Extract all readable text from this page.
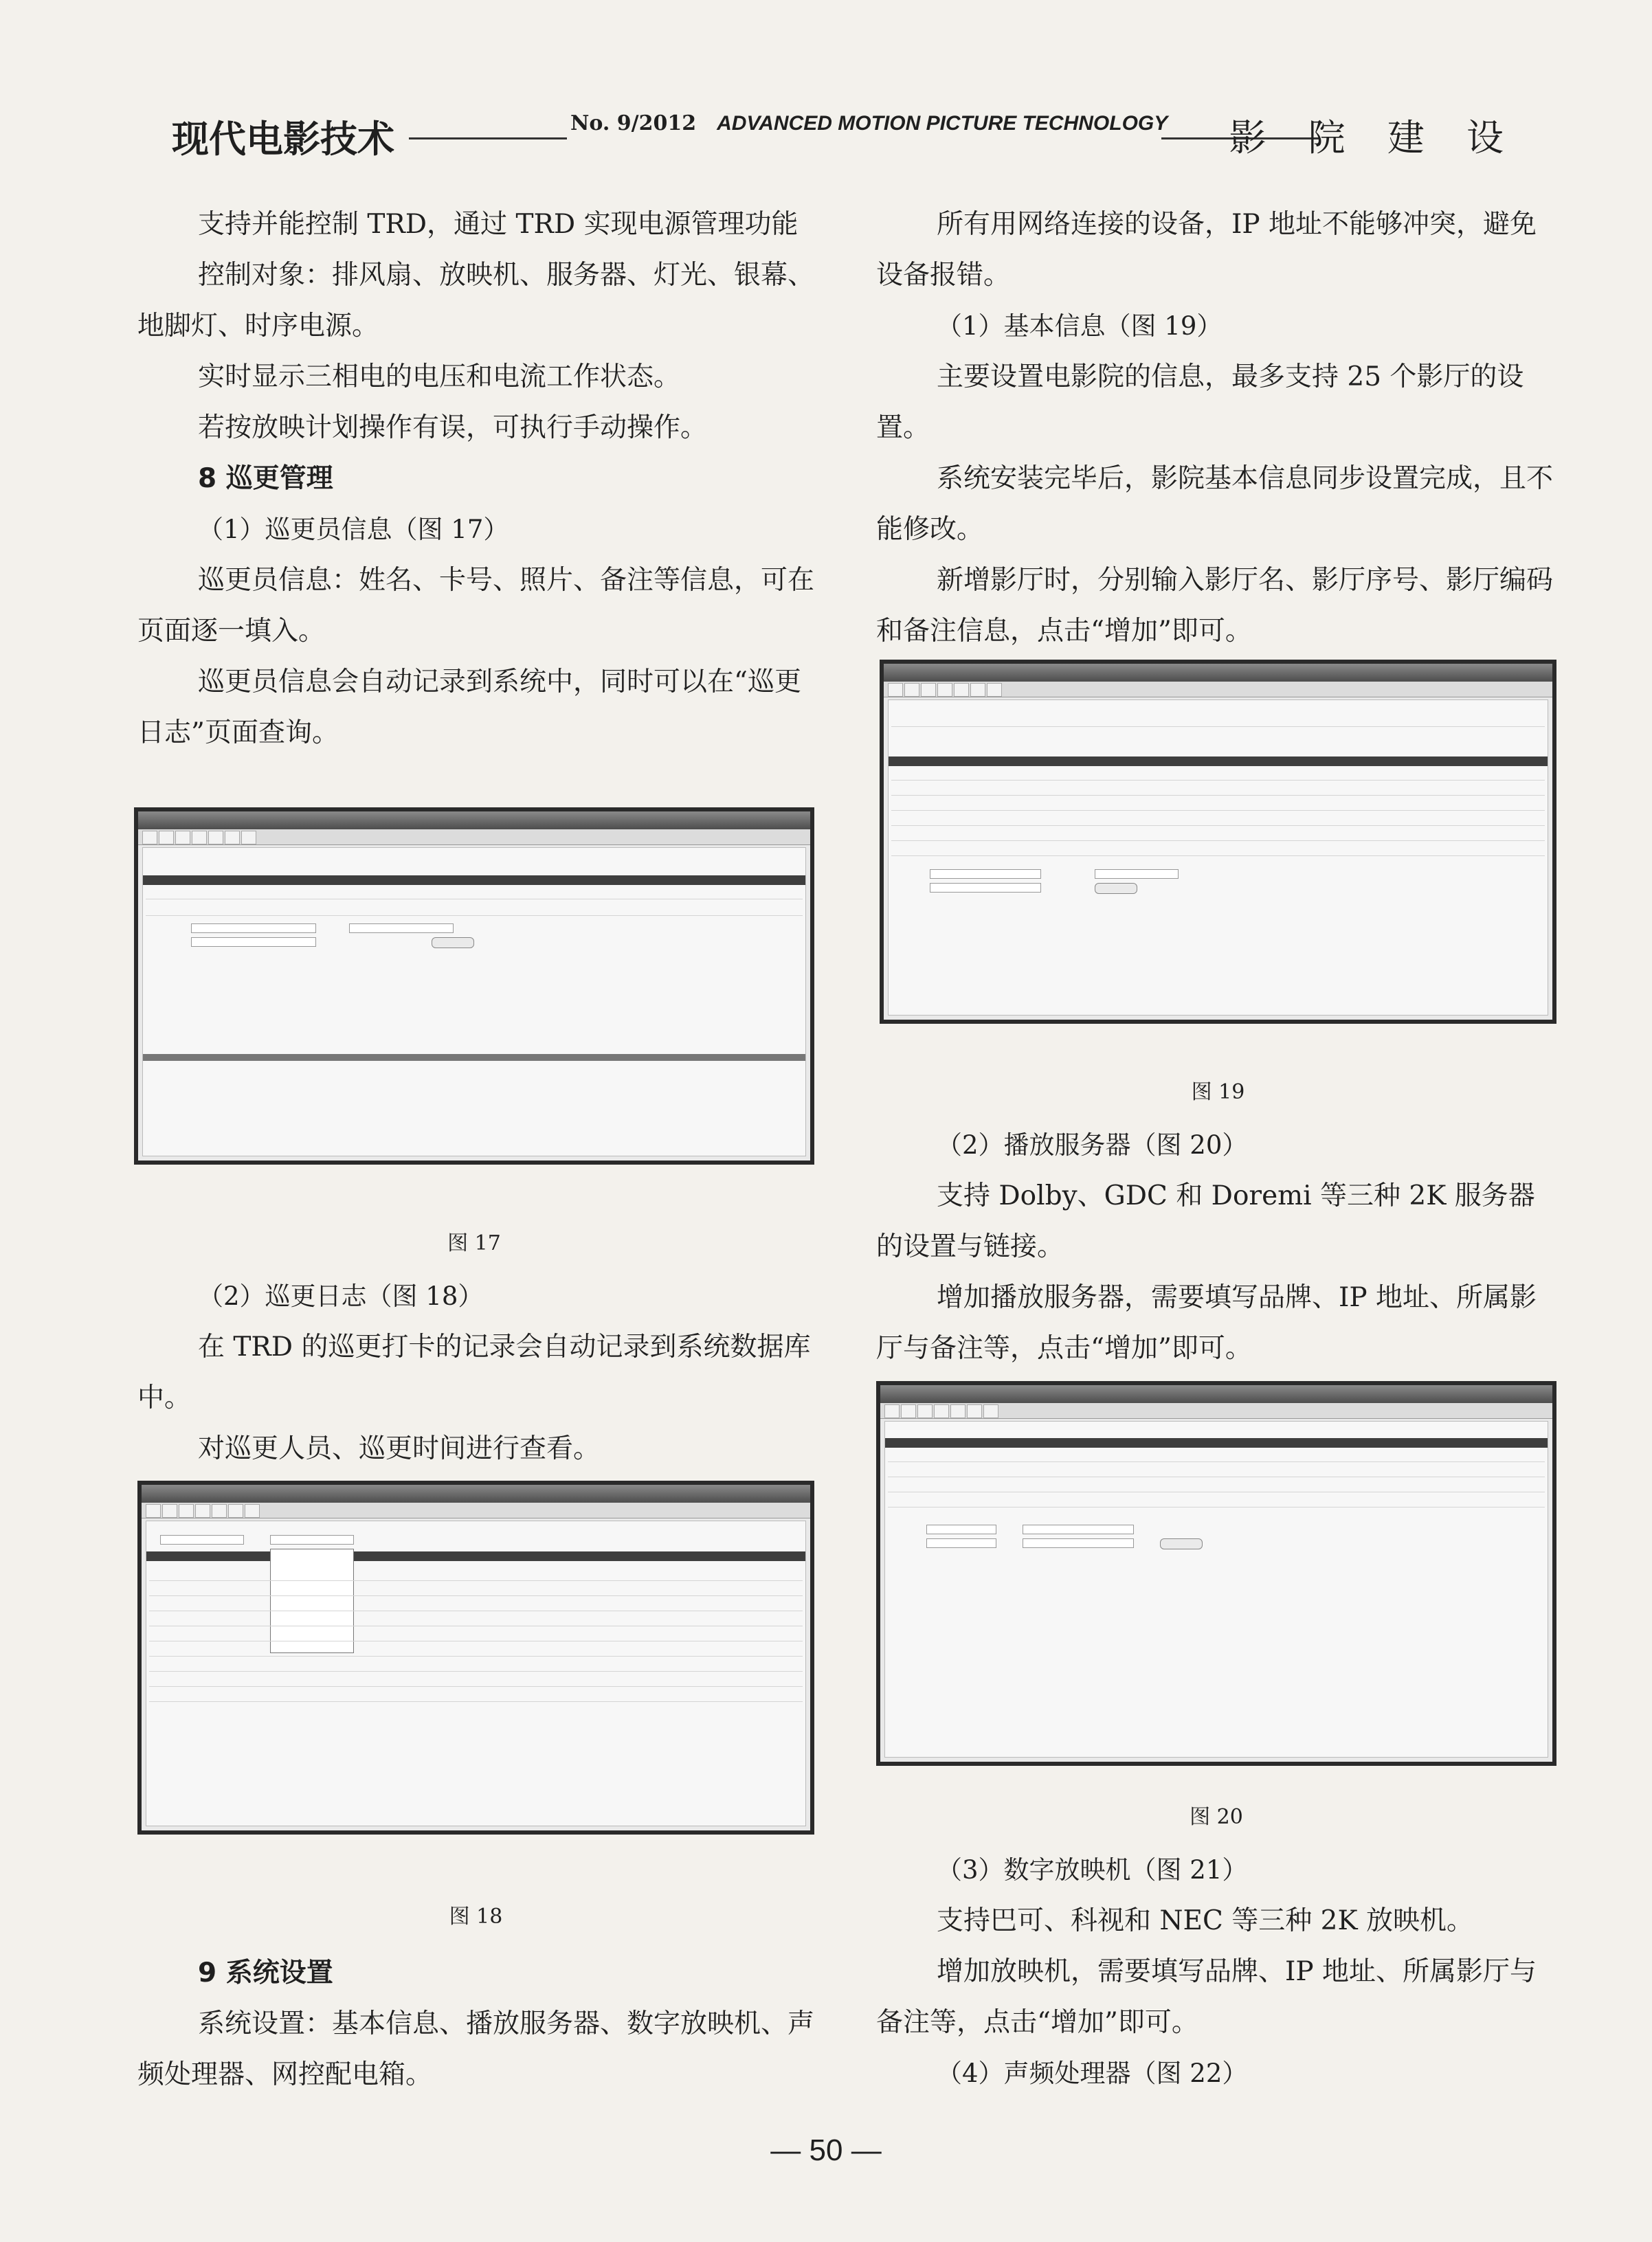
现代电影技术	No. 9/2012 ADVANCED MOTION PICTURE TECHNOLOGY 影 院 建 设

支持并能控制 TRD，通过 TRD 实现电源管理功能

控制对象：排风扇、放映机、服务器、灯光、银幕、地脚灯、时序电源。

实时显示三相电的电压和电流工作状态。

若按放映计划操作有误，可执行手动操作。

8 巡更管理

（1）巡更员信息（图 17）

巡更员信息：姓名、卡号、照片、备注等信息，可在页面逐一填入。

巡更员信息会自动记录到系统中，同时可以在“巡更日志”页面查询。

图 17

（2）巡更日志（图 18）

在 TRD 的巡更打卡的记录会自动记录到系统数据库中。

对巡更人员、巡更时间进行查看。

图 18

9 系统设置

系统设置：基本信息、播放服务器、数字放映机、声频处理器、网控配电箱。

所有用网络连接的设备，IP 地址不能够冲突，避免设备报错。

（1）基本信息（图 19）

主要设置电影院的信息，最多支持 25 个影厅的设置。

系统安装完毕后，影院基本信息同步设置完成，且不能修改。

新增影厅时，分别输入影厅名、影厅序号、影厅编码和备注信息，点击“增加”即可。

图 19

（2）播放服务器（图 20）

支持 Dolby、GDC 和 Doremi 等三种 2K 服务器的设置与链接。

增加播放服务器，需要填写品牌、IP 地址、所属影厅与备注等，点击“增加”即可。

图 20

（3）数字放映机（图 21）

支持巴可、科视和 NEC 等三种 2K 放映机。

增加放映机，需要填写品牌、IP 地址、所属影厅与备注等，点击“增加”即可。

（4）声频处理器（图 22）

— 50 —
